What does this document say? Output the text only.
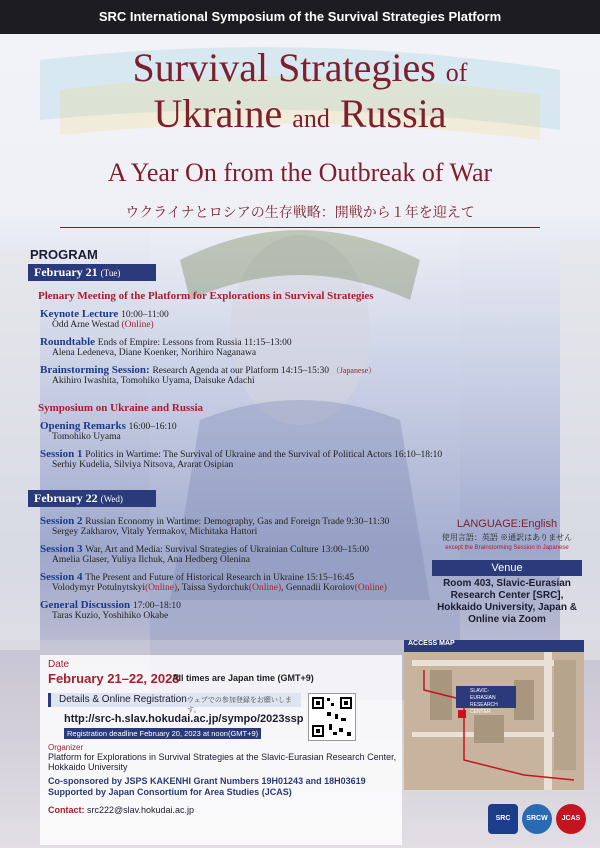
SRC International Symposium of the Survival Strategies Platform
Survival Strategies of
Ukraine and Russia
A Year On from the Outbreak of War
ウクライナとロシアの生存戦略：開戦から１年を迎えて
PROGRAM
February 21 (Tue)
Plenary Meeting of the Platform for Explorations in Survival Strategies
Keynote Lecture 10:00–11:00
Odd Arne Westad (Online)
Roundtable Ends of Empire: Lessons from Russia 11:15–13:00
Alena Ledeneva, Diane Koenker, Norihiro Naganawa
Brainstorming Session: Research Agenda at our Platform 14:15–15:30 （Japanese）
Akihiro Iwashita, Tomohiko Uyama, Daisuke Adachi
Symposium on Ukraine and Russia
Opening Remarks 16:00–16:10
Tomohiko Uyama
Session 1 Politics in Wartime: The Survival of Ukraine and the Survival of Political Actors 16:10–18:10
Serhiy Kudelia, Silviya Nitsova, Ararat Osipian
February 22 (Wed)
Session 2 Russian Economy in Wartime: Demography, Gas and Foreign Trade 9:30–11:30
Sergey Zakharov, Vitaly Yermakov, Michitaka Hattori
Session 3 War, Art and Media: Survival Strategies of Ukrainian Culture 13:00–15:00
Amelia Glaser, Yuliya Ilchuk, Ana Hedberg Olenina
Session 4 The Present and Future of Historical Research in Ukraine 15:15–16:45
Volodymyr Potulnytskyi(Online), Taissa Sydorchuk(Online), Gennadii Korolov(Online)
General Discussion 17:00–18:10
Taras Kuzio, Yoshihiko Okabe
LANGUAGE:English
使用言語：英語 ※通訳はありません
except the Brainstorming Session in Japanese
Venue
Room 403, Slavic-Eurasian Research Center [SRC], Hokkaido University, Japan & Online via Zoom
Date
February 21–22, 2023
All times are Japan time (GMT+9)
Details & Online Registration ウェブでの参加登録をお願いします。
http://src-h.slav.hokudai.ac.jp/sympo/2023ssp
Registration deadline February 20, 2023 at noon(GMT+9)
Organizer
Platform for Explorations in Survival Strategies at the Slavic-Eurasian Research Center, Hokkaido University
Co-sponsored by JSPS KAKENHI Grant Numbers 19H01243 and 18H03619
Supported by Japan Consortium for Area Studies (JCAS)
Contact: src222@slav.hokudai.ac.jp
ACCESS MAP
SLAVIC-EURASIAN RESEARCH CENTER
SRC	SRCW	JCAS
